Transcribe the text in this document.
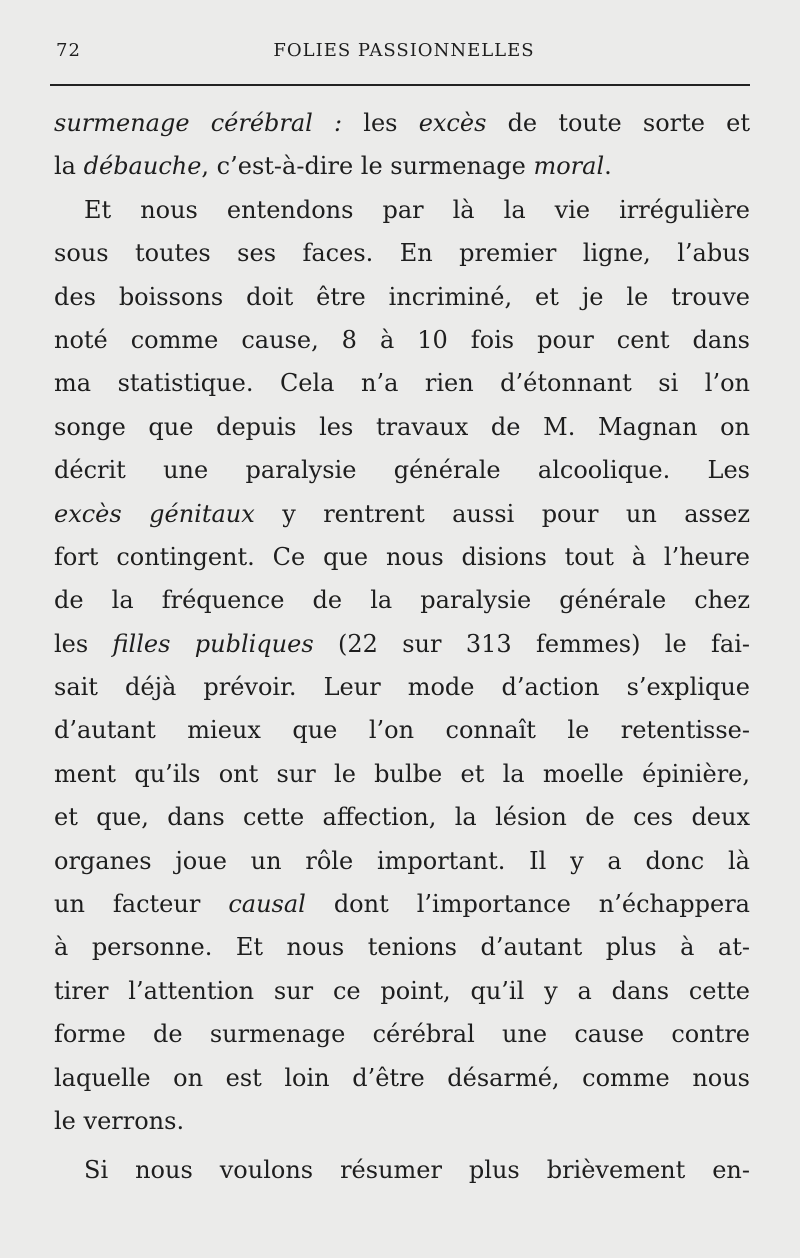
72	FOLIES PASSIONNELLES
surmenage cérébral : les excès de toute sorte et
la débauche, c’est-à-dire le surmenage moral.
Et nous entendons par là la vie irrégulière
sous toutes ses faces. En premier ligne, l’abus
des boissons doit être incriminé, et je le trouve
noté comme cause, 8 à 10 fois pour cent dans
ma statistique. Cela n’a rien d’étonnant si l’on
songe que depuis les travaux de M. Magnan on
décrit une paralysie générale alcoolique. Les
excès génitaux y rentrent aussi pour un assez
fort contingent. Ce que nous disions tout à l’heure
de la fréquence de la paralysie générale chez
les filles publiques (22 sur 313 femmes) le fai-
sait déjà prévoir. Leur mode d’action s’explique
d’autant mieux que l’on connaît le retentisse-
ment qu’ils ont sur le bulbe et la moelle épinière,
et que, dans cette affection, la lésion de ces deux
organes joue un rôle important. Il y a donc là
un facteur causal dont l’importance n’échappera
à personne. Et nous tenions d’autant plus à at-
tirer l’attention sur ce point, qu’il y a dans cette
forme de surmenage cérébral une cause contre
laquelle on est loin d’être désarmé, comme nous
le verrons.
Si nous voulons résumer plus brièvement en-
